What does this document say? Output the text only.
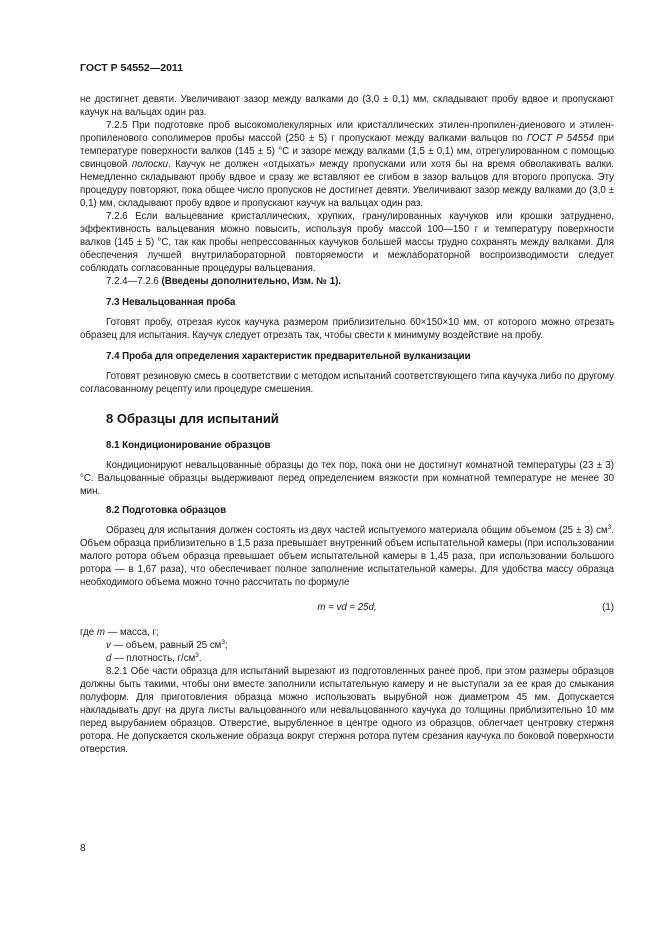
ГОСТ Р 54552—2011

не достигнет девяти. Увеличивают зазор между валками до (3,0 ± 0,1) мм, складывают пробу вдвое и пропускают каучук на вальцах один раз.

7.2.5 При подготовке проб высокомолекулярных или кристаллических этилен-пропилен-диенового и этилен-пропиленового сополимеров пробы массой (250 ± 5) г пропускают между валками вальцов по ГОСТ Р 54554 при температуре поверхности валков (145 ± 5) °С и зазоре между валками (1,5 ± 0,1) мм, отрегулированном с помощью свинцовой полоски. Каучук не должен «отдыхать» между пропусками или хотя бы на время обволакивать валки. Немедленно складывают пробу вдвое и сразу же вставляют ее сгибом в зазор вальцов для второго пропуска. Эту процедуру повторяют, пока общее число пропусков не достигнет девяти. Увеличивают зазор между валками до (3,0 ± 0,1) мм, складывают пробу вдвое и пропускают каучук на вальцах один раз.

7.2.6 Если вальцевание кристаллических, хрупких, гранулированных каучуков или крошки затруднено, эффективность вальцевания можно повысить, используя пробу массой 100—150 г и температуру поверхности валков (145 ± 5) °С, так как пробы непрессованных каучуков большей массы трудно сохранять между валками. Для обеспечения лучшей внутрилабораторной повторяемости и межлабораторной воспроизводимости следует соблюдать согласованные процедуры вальцевания.

7.2.4—7.2.6 (Введены дополнительно, Изм. № 1).

7.3 Невальцованная проба

Готовят пробу, отрезая кусок каучука размером приблизительно 60×150×10 мм, от которого можно отрезать образец для испытания. Каучук следует отрезать так, чтобы свести к минимуму воздействие на пробу.

7.4 Проба для определения характеристик предварительной вулканизации

Готовят резиновую смесь в соответствии с методом испытаний соответствующего типа каучука либо по другому согласованному рецепту или процедуре смешения.

8 Образцы для испытаний

8.1 Кондиционирование образцов

Кондиционируют невальцованные образцы до тех пор, пока они не достигнут комнатной температуры (23 ± 3) °С. Вальцованные образцы выдерживают перед определением вязкости при комнатной температуре не менее 30 мин.

8.2 Подготовка образцов

Образец для испытания должен состоять из двух частей испытуемого материала общим объемом (25 ± 3) $см^3$. Объем образца приблизительно в 1,5 раза превышает внутренний объем испытательной камеры (при использовании малого ротора объем образца превышает объем испытательной камеры в 1,45 раза, при использовании большого ротора — в 1,67 раза), что обеспечивает полное заполнение испытательной камеры. Для удобства массу образца необходимого объема можно точно рассчитать по формуле

m = vd = 25d,	(1)

где m — масса, г;

v — объем, равный 25 $см^3$;

d — плотность, $г/см^3$.

8.2.1 Обе части образца для испытаний вырезают из подготовленных ранее проб, при этом размеры образцов должны быть такими, чтобы они вместе заполнили испытательную камеру и не выступали за ее края до смыкания полуформ. Для приготовления образца можно использовать вырубной нож диаметром 45 мм. Допускается накладывать друг на друга листы вальцованного или невальцованного каучука до толщины приблизительно 10 мм перед вырубанием образцов. Отверстие, вырубленное в центре одного из образцов, облегчает центровку стержня ротора. Не допускается скольжение образца вокруг стержня ротора путем срезания каучука по боковой поверхности отверстия.

8
